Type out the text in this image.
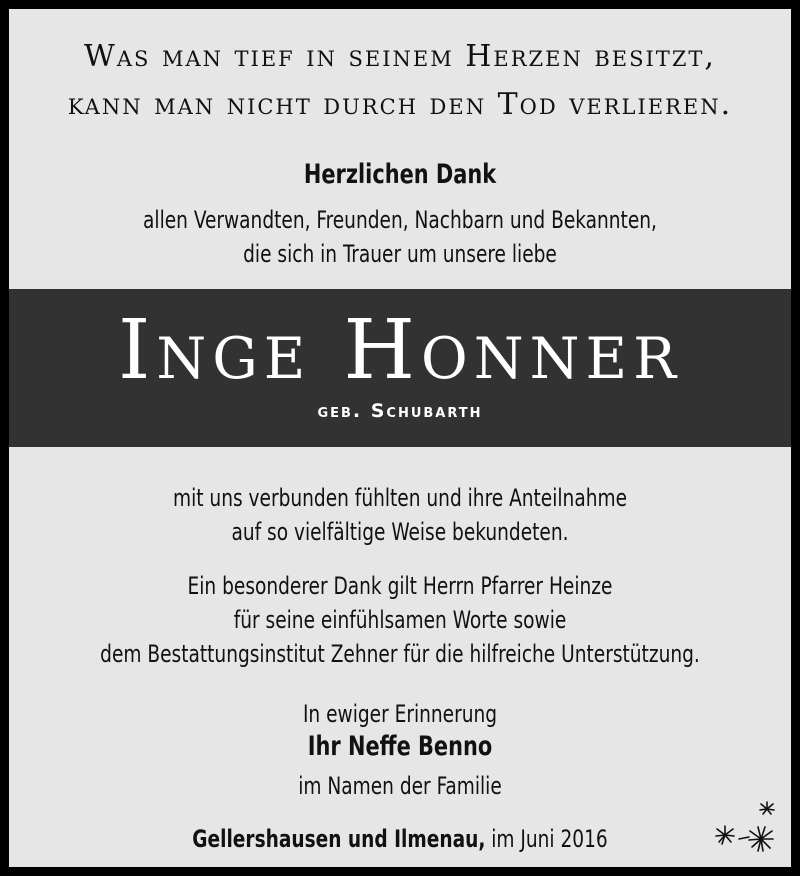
Was man tief in seinem Herzen besitzt,
kann man nicht durch den Tod verlieren.
Herzlichen Dank
allen Verwandten, Freunden, Nachbarn und Bekannten,
die sich in Trauer um unsere liebe
Inge Honner
geb. Schubarth
mit uns verbunden fühlten und ihre Anteilnahme
auf so vielfältige Weise bekundeten.
Ein besonderer Dank gilt Herrn Pfarrer Heinze
für seine einfühlsamen Worte sowie
dem Bestattungsinstitut Zehner für die hilfreiche Unterstützung.
In ewiger Erinnerung
Ihr Neffe Benno
im Namen der Familie
Gellershausen und Ilmenau, im Juni 2016
